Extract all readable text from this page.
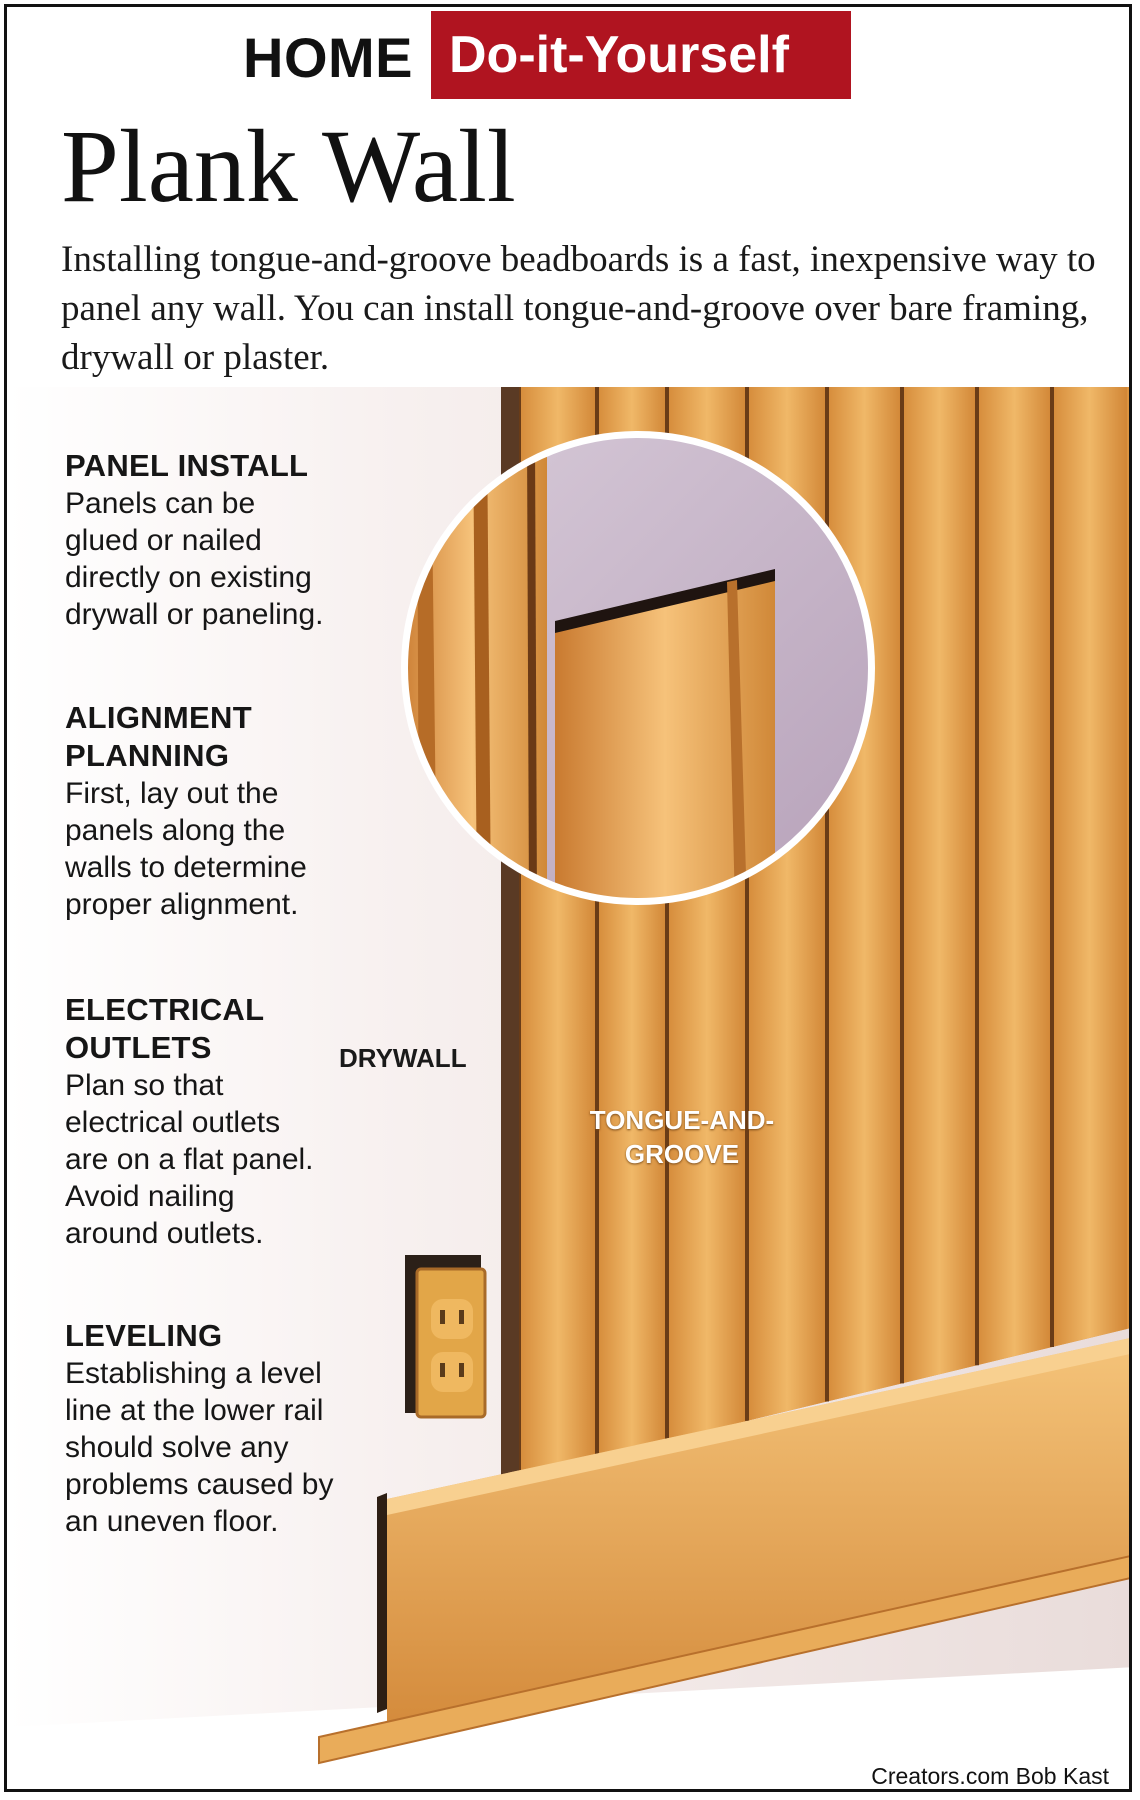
HOME Do-it-Yourself
Plank Wall
Installing tongue-and-groove beadboards is a fast, inexpensive way to panel any wall. You can install tongue-and-groove over bare framing, drywall or plaster.
PANEL INSTALL

Panels can be glued or nailed directly on existing drywall or paneling.

ALIGNMENT PLANNING

First, lay out the panels along the walls to determine proper alignment.

ELECTRICAL OUTLETS

Plan so that electrical outlets are on a flat panel. Avoid nailing around outlets.

LEVELING

Establishing a level line at the lower rail should solve any problems caused by an uneven floor.

DRYWALL
TONGUE-AND-GROOVE
Creators.com Bob Kast
